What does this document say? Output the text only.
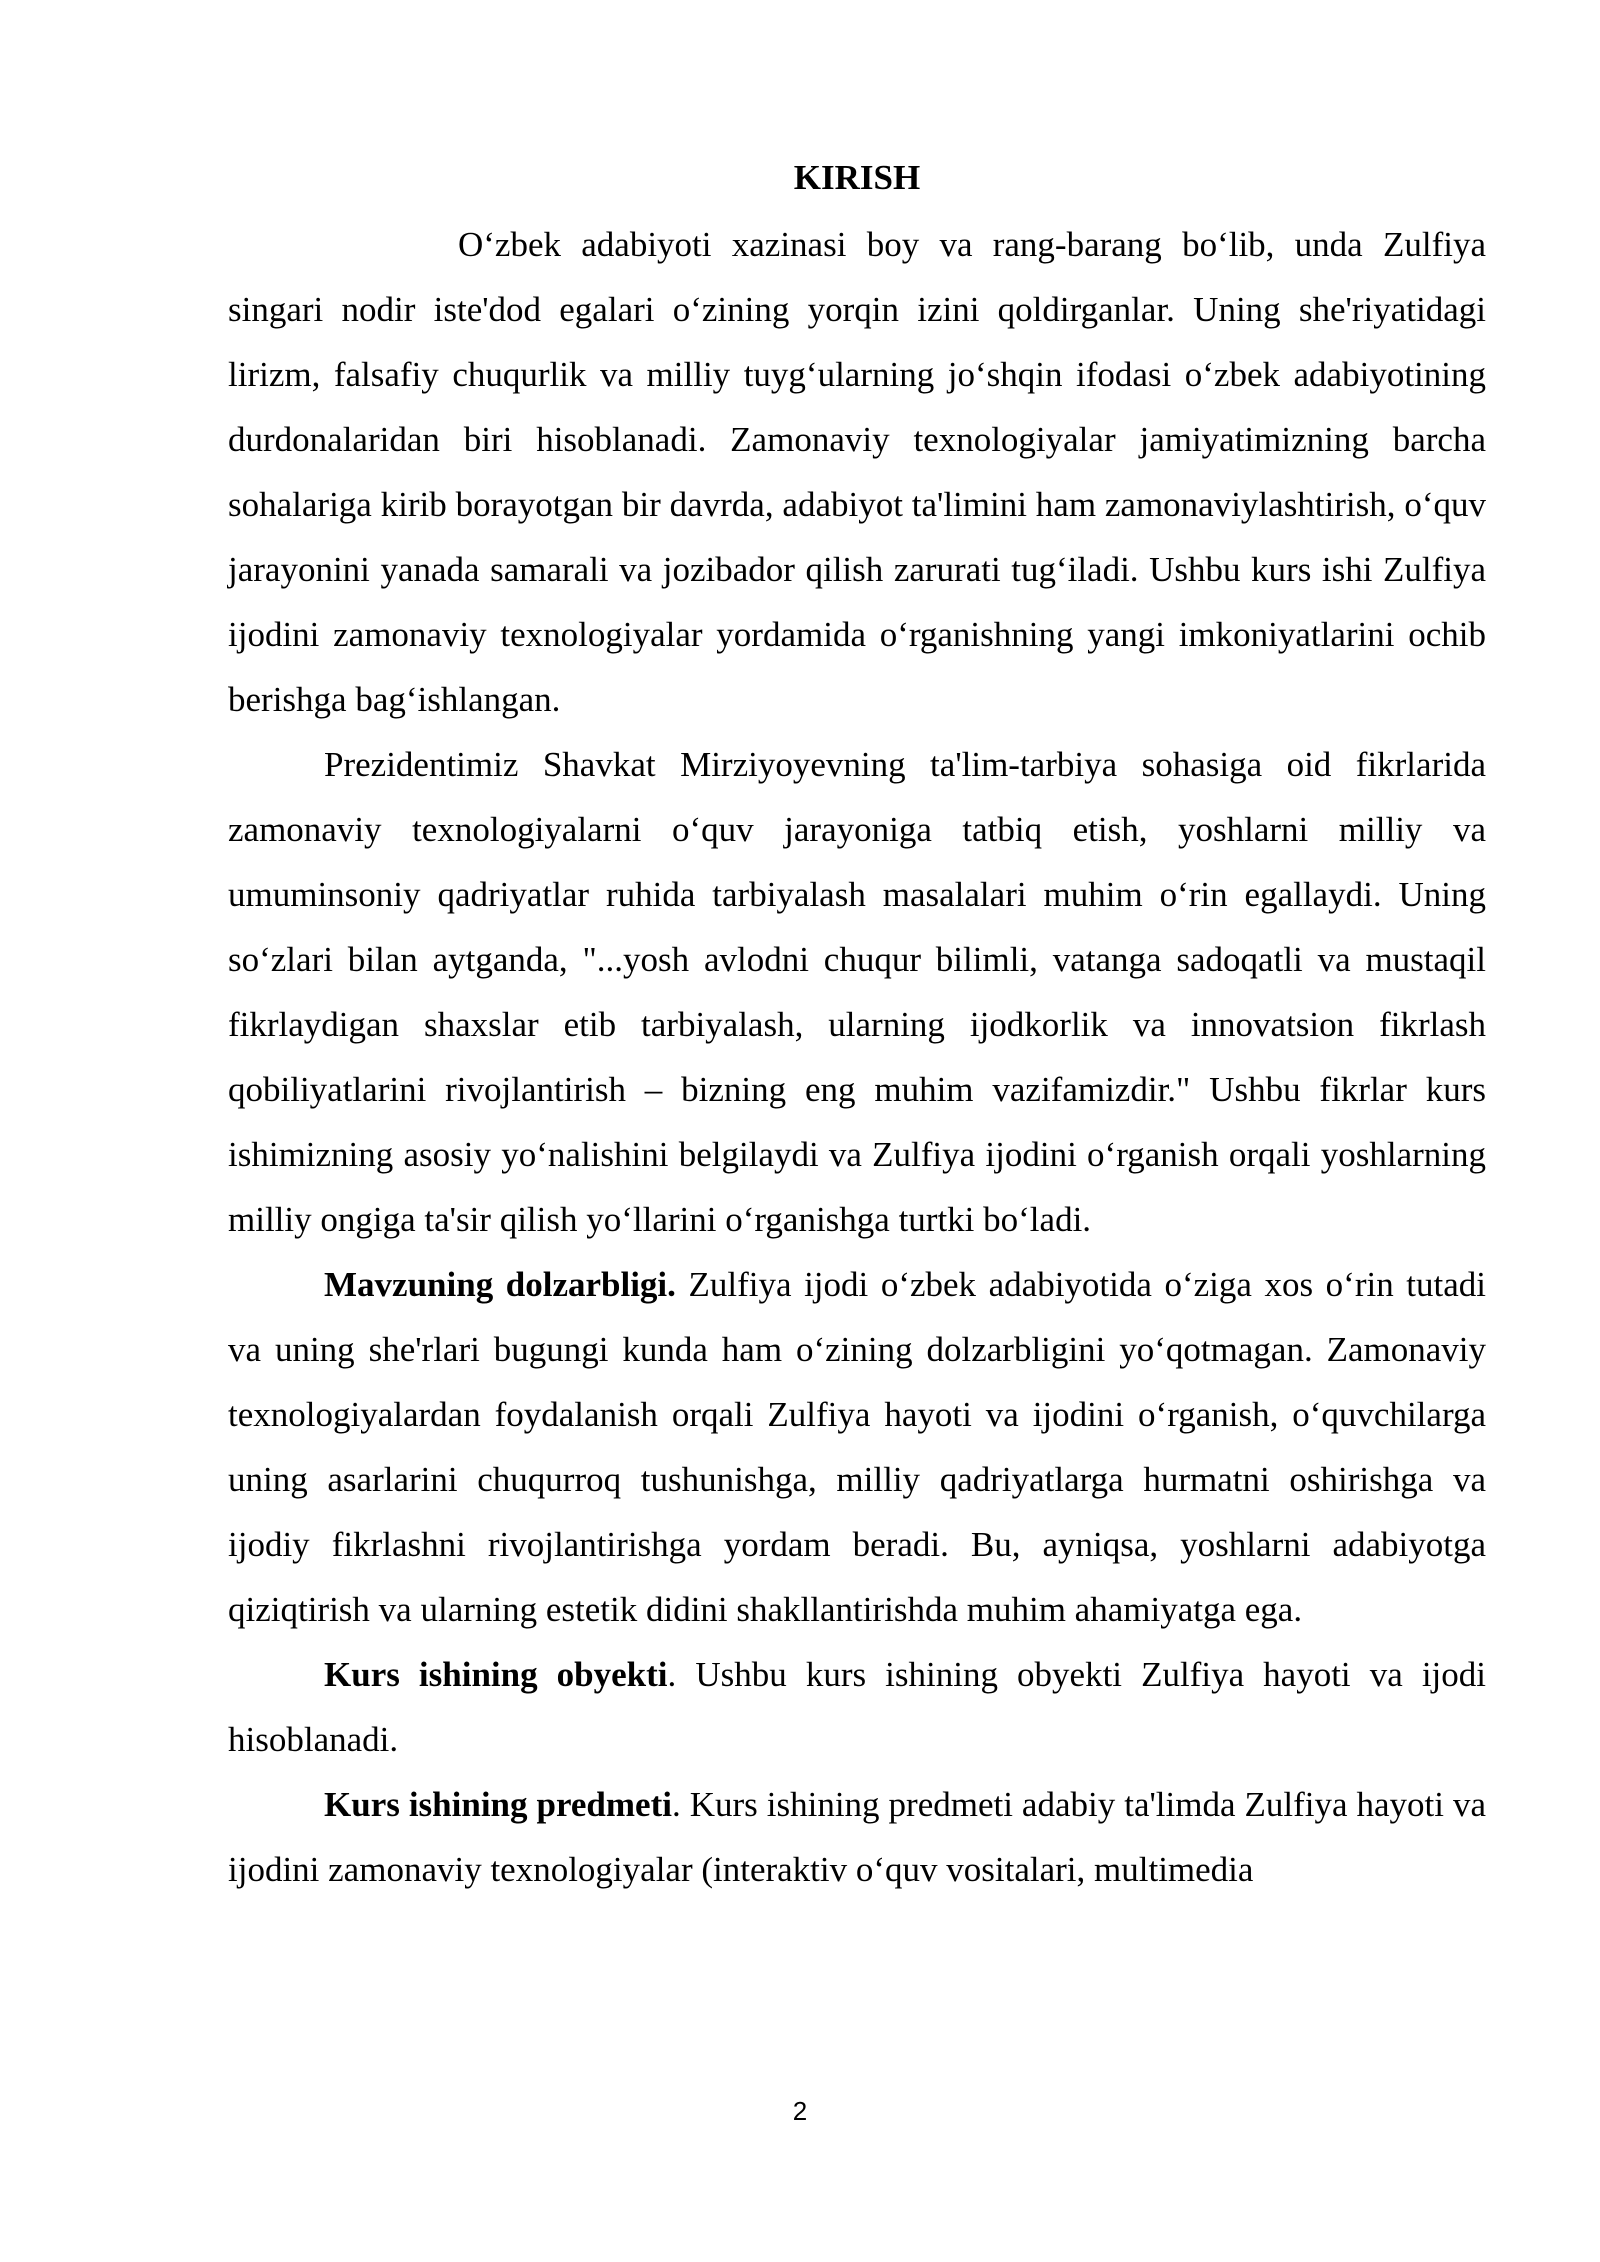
KIRISH

O‘zbek adabiyoti xazinasi boy va rang-barang bo‘lib, unda Zulfiya singari nodir iste'dod egalari o‘zining yorqin izini qoldirganlar. Uning she'riyatidagi lirizm, falsafiy chuqurlik va milliy tuyg‘ularning jo‘shqin ifodasi o‘zbek adabiyotining durdonalaridan biri hisoblanadi. Zamonaviy texnologiyalar jamiyatimizning barcha sohalariga kirib borayotgan bir davrda, adabiyot ta'limini ham zamonaviylashtirish, o‘quv jarayonini yanada samarali va jozibador qilish zarurati tug‘iladi. Ushbu kurs ishi Zulfiya ijodini zamonaviy texnologiyalar yordamida o‘rganishning yangi imkoniyatlarini ochib berishga bag‘ishlangan.

Prezidentimiz Shavkat Mirziyoyevning ta'lim-tarbiya sohasiga oid fikrlarida zamonaviy texnologiyalarni o‘quv jarayoniga tatbiq etish, yoshlarni milliy va umuminsoniy qadriyatlar ruhida tarbiyalash masalalari muhim o‘rin egallaydi. Uning so‘zlari bilan aytganda, "...yosh avlodni chuqur bilimli, vatanga sadoqatli va mustaqil fikrlaydigan shaxslar etib tarbiyalash, ularning ijodkorlik va innovatsion fikrlash qobiliyatlarini rivojlantirish – bizning eng muhim vazifamizdir." Ushbu fikrlar kurs ishimizning asosiy yo‘nalishini belgilaydi va Zulfiya ijodini o‘rganish orqali yoshlarning milliy ongiga ta'sir qilish yo‘llarini o‘rganishga turtki bo‘ladi.

Mavzuning dolzarbligi. Zulfiya ijodi o‘zbek adabiyotida o‘ziga xos o‘rin tutadi va uning she'rlari bugungi kunda ham o‘zining dolzarbligini yo‘qotmagan. Zamonaviy texnologiyalardan foydalanish orqali Zulfiya hayoti va ijodini o‘rganish, o‘quvchilarga uning asarlarini chuqurroq tushunishga, milliy qadriyatlarga hurmatni oshirishga va ijodiy fikrlashni rivojlantirishga yordam beradi. Bu, ayniqsa, yoshlarni adabiyotga qiziqtirish va ularning estetik didini shakllantirishda muhim ahamiyatga ega.

Kurs ishining obyekti. Ushbu kurs ishining obyekti Zulfiya hayoti va ijodi hisoblanadi.

Kurs ishining predmeti. Kurs ishining predmeti adabiy ta'limda Zulfiya hayoti va ijodini zamonaviy texnologiyalar (interaktiv o‘quv vositalari, multimedia

2
